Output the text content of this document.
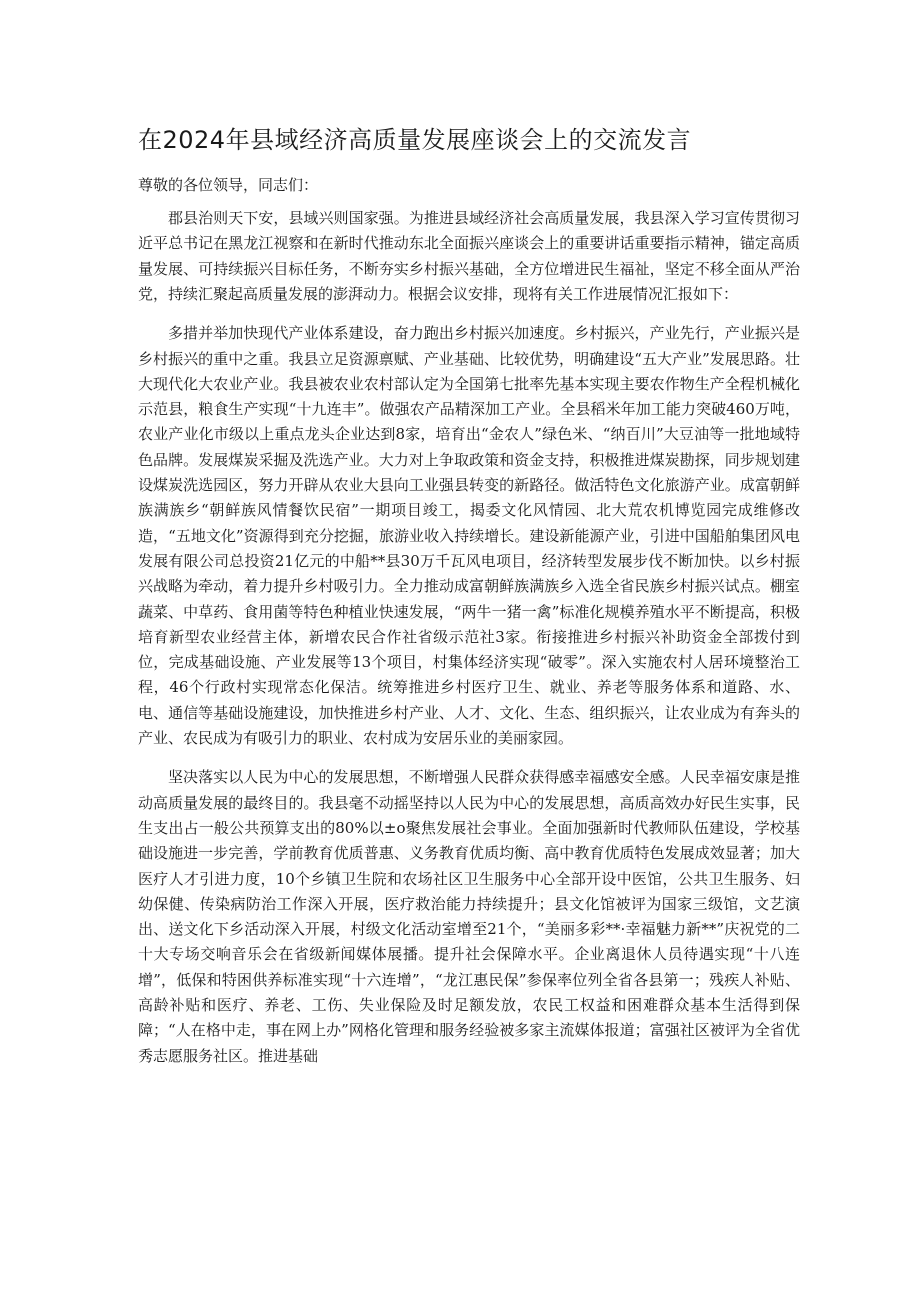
在2024年县域经济高质量发展座谈会上的交流发言

尊敬的各位领导，同志们：

郡县治则天下安，县域兴则国家强。为推进县域经济社会高质量发展，我县深入学习宣传贯彻习近平总书记在黑龙江视察和在新时代推动东北全面振兴座谈会上的重要讲话重要指示精神，锚定高质量发展、可持续振兴目标任务，不断夯实乡村振兴基础，全方位增进民生福祉，坚定不移全面从严治党，持续汇聚起高质量发展的澎湃动力。根据会议安排，现将有关工作进展情况汇报如下：

多措并举加快现代产业体系建设，奋力跑出乡村振兴加速度。乡村振兴，产业先行，产业振兴是乡村振兴的重中之重。我县立足资源禀赋、产业基础、比较优势，明确建设“五大产业”发展思路。壮大现代化大农业产业。我县被农业农村部认定为全国第七批率先基本实现主要农作物生产全程机械化示范县，粮食生产实现“十九连丰”。做强农产品精深加工产业。全县稻米年加工能力突破460万吨，农业产业化市级以上重点龙头企业达到8家，培育出“金农人”绿色米、“纳百川”大豆油等一批地域特色品牌。发展煤炭采掘及洗选产业。大力对上争取政策和资金支持，积极推进煤炭勘探，同步规划建设煤炭洗选园区，努力开辟从农业大县向工业强县转变的新路径。做活特色文化旅游产业。成富朝鲜族满族乡“朝鲜族风情餐饮民宿”一期项目竣工，揭委文化风情园、北大荒农机博览园完成维修改造，“五地文化”资源得到充分挖掘，旅游业收入持续增长。建设新能源产业，引进中国船舶集团风电发展有限公司总投资21亿元的中船**县30万千瓦风电项目，经济转型发展步伐不断加快。以乡村振兴战略为牵动，着力提升乡村吸引力。全力推动成富朝鲜族满族乡入选全省民族乡村振兴试点。棚室蔬菜、中草药、食用菌等特色种植业快速发展，“两牛一猪一禽”标准化规模养殖水平不断提高，积极培育新型农业经营主体，新增农民合作社省级示范社3家。衔接推进乡村振兴补助资金全部拨付到位，完成基础设施、产业发展等13个项目，村集体经济实现“破零”。深入实施农村人居环境整治工程，46个行政村实现常态化保洁。统筹推进乡村医疗卫生、就业、养老等服务体系和道路、水、电、通信等基础设施建设，加快推进乡村产业、人才、文化、生态、组织振兴，让农业成为有奔头的产业、农民成为有吸引力的职业、农村成为安居乐业的美丽家园。

坚决落实以人民为中心的发展思想，不断增强人民群众获得感幸福感安全感。人民幸福安康是推动高质量发展的最终目的。我县毫不动摇坚持以人民为中心的发展思想，高质高效办好民生实事，民生支出占一般公共预算支出的80%以±o聚焦发展社会事业。全面加强新时代教师队伍建设，学校基础设施进一步完善，学前教育优质普惠、义务教育优质均衡、高中教育优质特色发展成效显著；加大医疗人才引进力度，10个乡镇卫生院和农场社区卫生服务中心全部开设中医馆，公共卫生服务、妇幼保健、传染病防治工作深入开展，医疗救治能力持续提升；县文化馆被评为国家三级馆，文艺演出、送文化下乡活动深入开展，村级文化活动室增至21个，“美丽多彩**·幸福魅力新**”庆祝党的二十大专场交响音乐会在省级新闻媒体展播。提升社会保障水平。企业离退休人员待遇实现“十八连增”，低保和特困供养标准实现“十六连增”，“龙江惠民保”参保率位列全省各县第一；残疾人补贴、高龄补贴和医疗、养老、工伤、失业保险及时足额发放，农民工权益和困难群众基本生活得到保障；“人在格中走，事在网上办”网格化管理和服务经验被多家主流媒体报道；富强社区被评为全省优秀志愿服务社区。推进基础
